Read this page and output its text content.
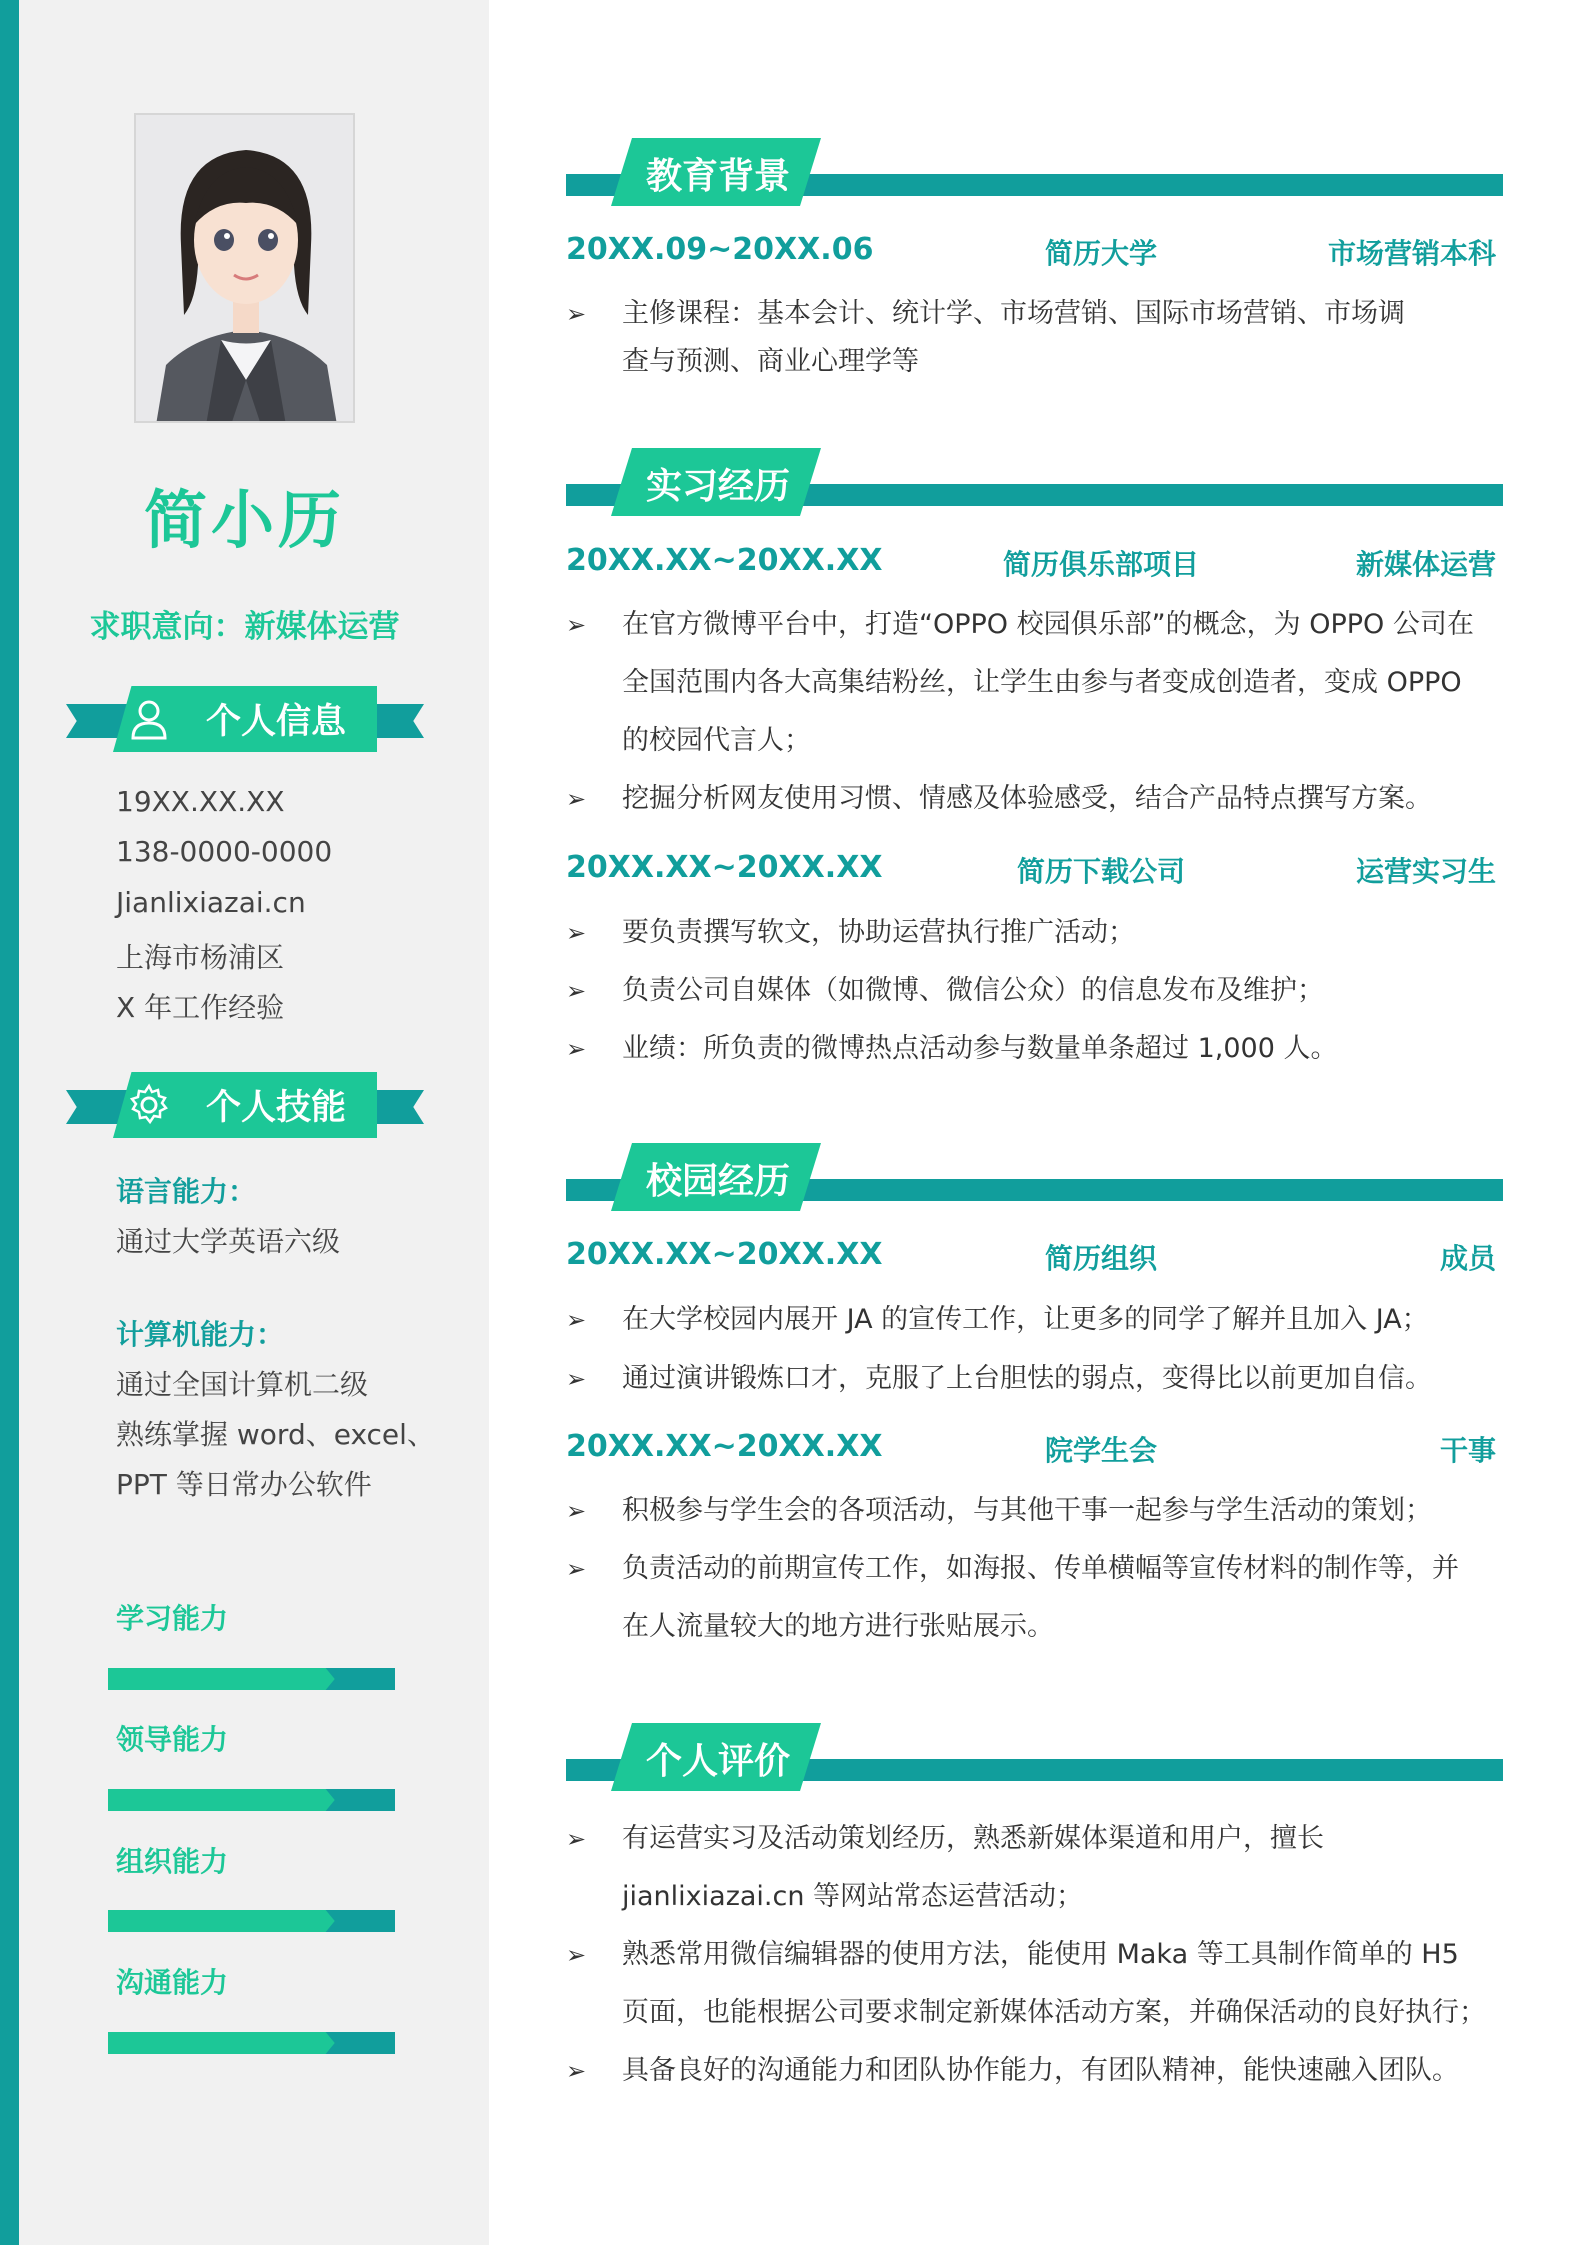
简小历
求职意向：新媒体运营
个人信息
19XX.XX.XX
138-0000-0000
Jianlixiazai.cn
上海市杨浦区
X 年工作经验
个人技能
语言能力：
通过大学英语六级
计算机能力：
通过全国计算机二级
熟练掌握 word、excel、
PPT 等日常办公软件
学习能力
领导能力
组织能力
沟通能力
教育背景
20XX.09~20XX.06	简历大学	市场营销本科
➢	主修课程：基本会计、统计学、市场营销、国际市场营销、市场调
查与预测、商业心理学等
实习经历
20XX.XX~20XX.XX	简历俱乐部项目	新媒体运营
➢	在官方微博平台中，打造“OPPO 校园俱乐部”的概念，为 OPPO 公司在
全国范围内各大高集结粉丝，让学生由参与者变成创造者，变成 OPPO
的校园代言人；
➢	挖掘分析网友使用习惯、情感及体验感受，结合产品特点撰写方案。
20XX.XX~20XX.XX	简历下载公司	运营实习生
➢	要负责撰写软文，协助运营执行推广活动；
➢	负责公司自媒体（如微博、微信公众）的信息发布及维护；
➢	业绩：所负责的微博热点活动参与数量单条超过 1,000 人。
校园经历
20XX.XX~20XX.XX	简历组织	成员
➢	在大学校园内展开 JA 的宣传工作，让更多的同学了解并且加入 JA；
➢	通过演讲锻炼口才，克服了上台胆怯的弱点，变得比以前更加自信。
20XX.XX~20XX.XX	院学生会	干事
➢	积极参与学生会的各项活动，与其他干事一起参与学生活动的策划；
➢	负责活动的前期宣传工作，如海报、传单横幅等宣传材料的制作等，并
在人流量较大的地方进行张贴展示。
个人评价
➢	有运营实习及活动策划经历，熟悉新媒体渠道和用户，擅长
jianlixiazai.cn 等网站常态运营活动；
➢	熟悉常用微信编辑器的使用方法，能使用 Maka 等工具制作简单的 H5
页面，也能根据公司要求制定新媒体活动方案，并确保活动的良好执行；
➢	具备良好的沟通能力和团队协作能力，有团队精神，能快速融入团队。
